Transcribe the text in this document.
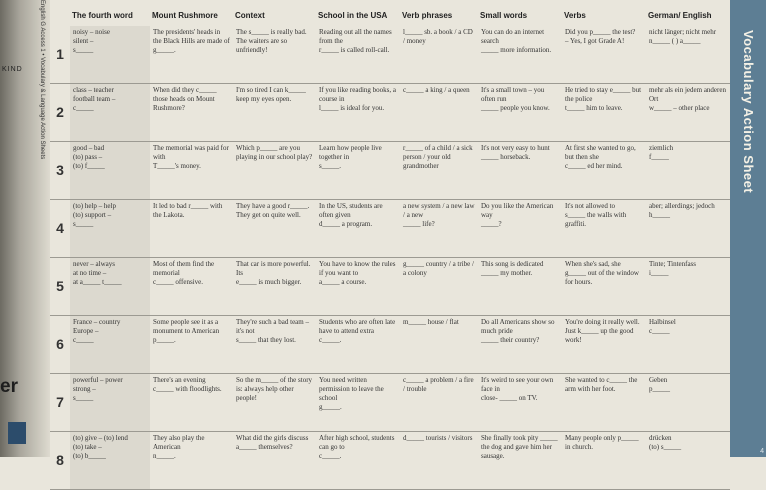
KIND
er
English G Access 1 • Vocabulary & Language Action Sheets
		The fourth word	Mount Rushmore	Context	School in the USA	Verb phrases	Small words	Verbs	German/ English
1	noisy – noise
silent –
s_____	The presidents' heads in the Black Hills are made of
g_____.	The s_____ is really bad. The waiters are so unfriendly!	Reading out all the names from the
r_____ is called roll-call.	l_____ sb. a book / a CD / money	You can do an internet search
_____ more information.	Did you p_____ the test?
– Yes, I got Grade A!	nicht länger; nicht mehr
n_____ ( ) a_____
2	class – teacher
football team –
c_____	When did they c_____ those heads on Mount Rushmore?	I'm so tired I can k_____ keep my eyes open.	If you like reading books, a course in
l_____ is ideal for you.	c_____ a king / a queen	It's a small town – you often run
_____ people you know.	He tried to stay e_____ but the police
t_____ him to leave.	mehr als ein jedem anderen Ort
w_____ – other place
3	good – bad
(to) pass –
(to) f_____	The memorial was paid for with
T_____'s money.	Which p_____ are you playing in our school play?	Learn how people live together in
s_____.	r_____ of a child / a sick person / your old grandmother	It's not very easy to hunt
_____ horseback.	At first she wanted to go, but then she
c_____ ed her mind.	ziemlich
f_____
4	(to) help – help
(to) support –
s_____	It led to bad r_____ with the Lakota.	They have a good r_____. They get on quite well.	In the US, students are often given
d_____ a program.	a new system / a new law / a new
_____ life?	Do you like the American way
_____?	It's not allowed to
s_____ the walls with graffiti.	aber; allerdings; jedoch
h_____
5	never – always
at no time –
at a_____ t_____	Most of them find the memorial
c_____ offensive.	That car is more powerful. Its
e_____ is much bigger.	You have to know the rules if you want to
a_____ a course.	g_____ country / a tribe / a colony	This song is dedicated
_____ my mother.	When she's sad, she g_____ out of the window for hours.	Tinte; Tintenfass
i_____
6	France – country
Europe –
c_____	Some people see it as a monument to American
p_____.	They're such a bad team – it's not
s_____ that they lost.	Students who are often late have to attend extra
c_____.	m_____ house / flat	Do all Americans show so much pride
_____ their country?	You're doing it really well. Just k_____ up the good work!	Halbinsel
c_____
7	powerful – power
strong –
s_____	There's an evening
c_____ with floodlights.	So the m_____ of the story is: always help other people!	You need written permission to leave the school
g_____.	c_____ a problem / a fire / trouble	It's weird to see your own face in
close- _____ on TV.	She wanted to c_____ the arm with her foot.	Geben
p_____
8	(to) give – (to) lend
(to) take –
(to) b_____	They also play the American
n_____.	What did the girls discuss
a_____ themselves?	After high school, students can go to
c_____.	d_____ tourists / visitors	She finally took pity _____ the dog and gave him her sausage.	Many people only p_____ in church.	drücken
(to) s_____
Vocabulary Action Sheet
4
